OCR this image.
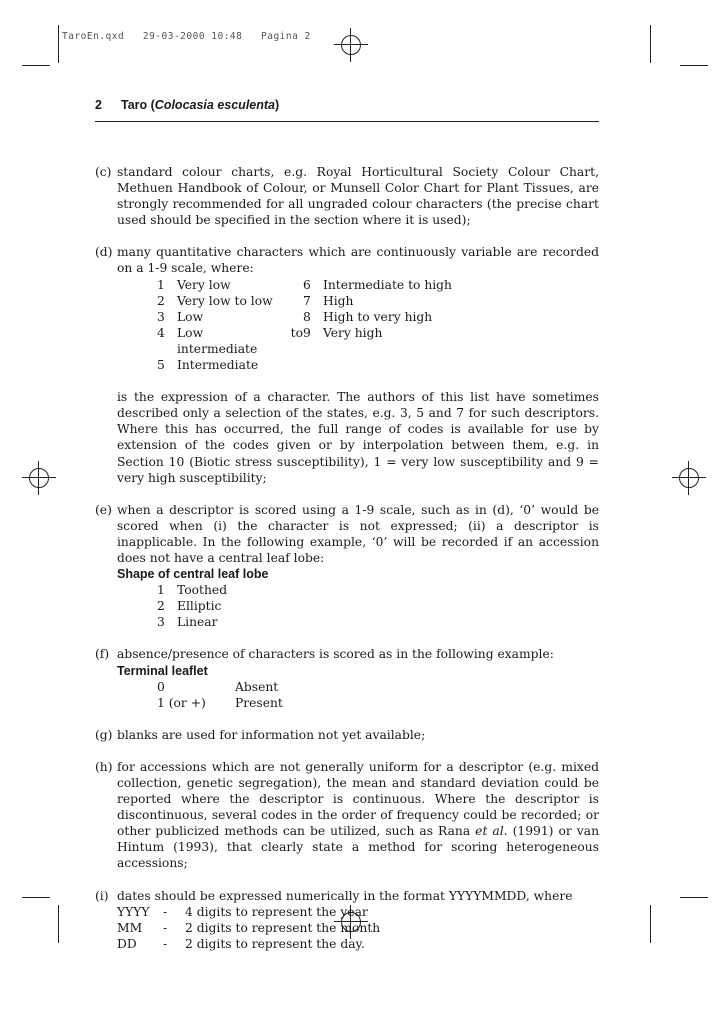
TaroEn.qxd   29-03-2000 10:48   Pagina 2
2 Taro (Colocasia esculenta)
(c) standard colour charts, e.g. Royal Horticultural Society Colour Chart, Methuen Handbook of Colour, or Munsell Color Chart for Plant Tissues, are strongly recommended for all ungraded colour characters (the precise chart used should be specified in the section where it is used);

(d) many quantitative characters which are continuously variable are recorded on a 1-9 scale, where:

1	Very low	6	Intermediate to high
2	Very low to low	7	High
3	Low	8	High to very high
4	Low to intermediate	9	Very high
5	Intermediate		

is the expression of a character. The authors of this list have sometimes described only a selection of the states, e.g. 3, 5 and 7 for such descriptors. Where this has occurred, the full range of codes is available for use by extension of the codes given or by interpolation between them, e.g. in Section 10 (Biotic stress susceptibility), 1 = very low susceptibility and 9 = very high susceptibility;

(e) when a descriptor is scored using a 1-9 scale, such as in (d), ‘0’ would be scored when (i) the character is not expressed; (ii) a descriptor is inapplicable. In the following example, ‘0’ will be recorded if an accession does not have a central leaf lobe:

Shape of central leaf lobe
1 Toothed
2 Elliptic
3 Linear
(f) absence/presence of characters is scored as in the following example:

Terminal leaflet
0	Absent
1 (or +) Present
(g) blanks are used for information not yet available;

(h) for accessions which are not generally uniform for a descriptor (e.g. mixed collection, genetic segregation), the mean and standard deviation could be reported where the descriptor is continuous. Where the descriptor is discontinuous, several codes in the order of frequency could be recorded; or other publicized methods can be utilized, such as Rana et al. (1991) or van Hintum (1993), that clearly state a method for scoring heterogeneous accessions;

(i) dates should be expressed numerically in the format YYYYMMDD, where

YYYY - 4 digits to represent the year
MM - 2 digits to represent the month
DD - 2 digits to represent the day.
